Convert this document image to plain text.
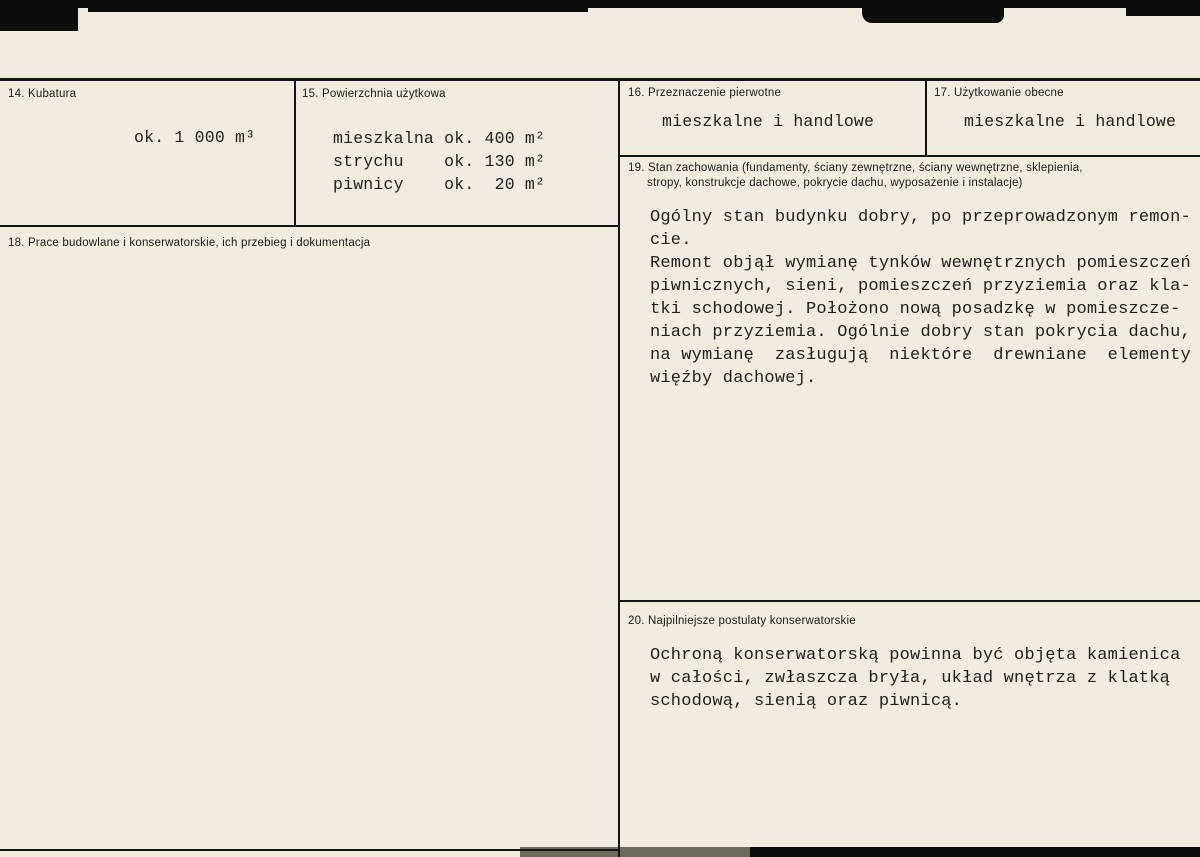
14. Kubatura
ok. 1 000 m³
15. Powierzchnia użytkowa
mieszkalna ok. 400 m²
strychu    ok. 130 m²
piwnicy    ok.  20 m²
16. Przeznaczenie pierwotne
mieszkalne i handlowe
17. Użytkowanie obecne
mieszkalne i handlowe
18. Prace budowlane i konserwatorskie, ich przebieg i dokumentacja
19. Stan zachowania (fundamenty, ściany zewnętrzne, ściany wewnętrzne, sklepienia,
stropy, konstrukcje dachowe, pokrycie dachu, wyposażenie i instalacje)
Ogólny stan budynku dobry, po przeprowadzonym remon-
cie.
Remont objął wymianę tynków wewnętrznych pomieszczeń
piwnicznych, sieni, pomieszczeń przyziemia oraz kla-
tki schodowej. Położono nową posadzkę w pomieszcze-
niach przyziemia. Ogólnie dobry stan pokrycia dachu,
na wymianę  zasługują  niektóre  drewniane  elementy
więźby dachowej.
20. Najpilniejsze postulaty konserwatorskie
Ochroną konserwatorską powinna być objęta kamienica
w całości, zwłaszcza bryła, układ wnętrza z klatką
schodową, sienią oraz piwnicą.
